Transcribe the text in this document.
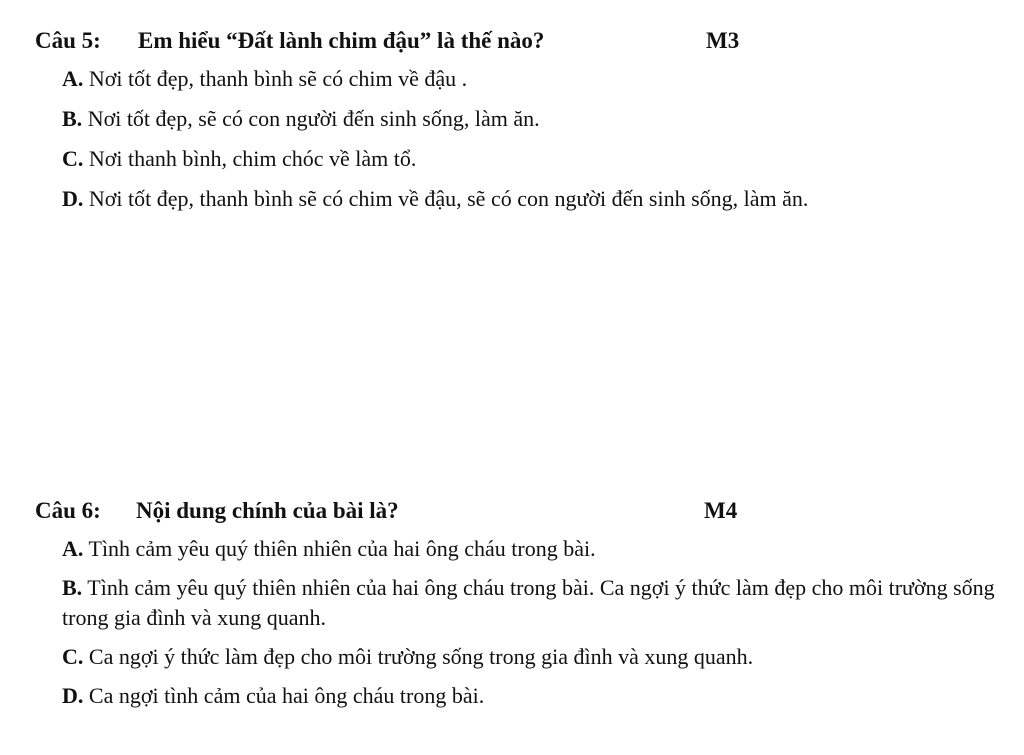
Câu 5: Em hiểu “Đất lành chim đậu” là thế nào?	M3
A. Nơi tốt đẹp, thanh bình sẽ có chim về đậu .
B. Nơi tốt đẹp, sẽ có con người đến sinh sống, làm ăn.
C. Nơi thanh bình, chim chóc về làm tổ.
D. Nơi tốt đẹp, thanh bình sẽ có chim về đậu, sẽ có con người đến sinh sống, làm ăn.
Câu 6: Nội dung chính của bài là?	M4
A. Tình cảm yêu quý thiên nhiên của hai ông cháu trong bài.
B. Tình cảm yêu quý thiên nhiên của hai ông cháu trong bài. Ca ngợi ý thức làm đẹp cho môi trường sống trong gia đình và xung quanh.
C. Ca ngợi ý thức làm đẹp cho môi trường sống trong gia đình và xung quanh.
D. Ca ngợi tình cảm của hai ông cháu trong bài.
